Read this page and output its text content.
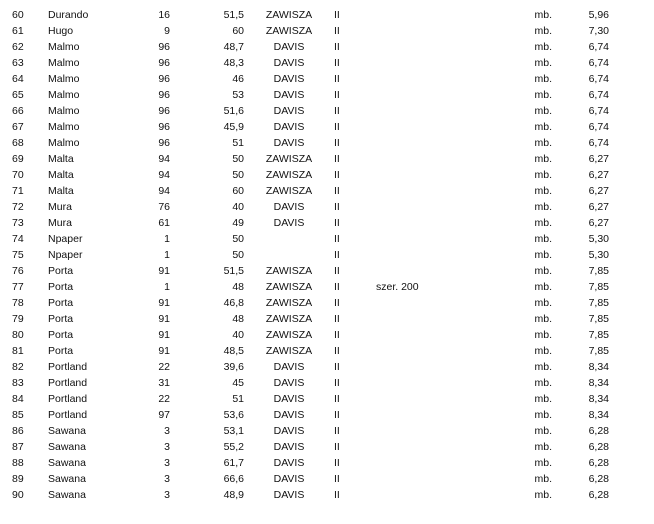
60	Durando	16	51,5	ZAWISZA	II		mb.	5,96
61	Hugo	9	60	ZAWISZA	II		mb.	7,30
62	Malmo	96	48,7	DAVIS	II		mb.	6,74
63	Malmo	96	48,3	DAVIS	II		mb.	6,74
64	Malmo	96	46	DAVIS	II		mb.	6,74
65	Malmo	96	53	DAVIS	II		mb.	6,74
66	Malmo	96	51,6	DAVIS	II		mb.	6,74
67	Malmo	96	45,9	DAVIS	II		mb.	6,74
68	Malmo	96	51	DAVIS	II		mb.	6,74
69	Malta	94	50	ZAWISZA	II		mb.	6,27
70	Malta	94	50	ZAWISZA	II		mb.	6,27
71	Malta	94	60	ZAWISZA	II		mb.	6,27
72	Mura	76	40	DAVIS	II		mb.	6,27
73	Mura	61	49	DAVIS	II		mb.	6,27
74	Npaper	1	50		II		mb.	5,30
75	Npaper	1	50		II		mb.	5,30
76	Porta	91	51,5	ZAWISZA	II		mb.	7,85
77	Porta	1	48	ZAWISZA	II	szer. 200	mb.	7,85
78	Porta	91	46,8	ZAWISZA	II		mb.	7,85
79	Porta	91	48	ZAWISZA	II		mb.	7,85
80	Porta	91	40	ZAWISZA	II		mb.	7,85
81	Porta	91	48,5	ZAWISZA	II		mb.	7,85
82	Portland	22	39,6	DAVIS	II		mb.	8,34
83	Portland	31	45	DAVIS	II		mb.	8,34
84	Portland	22	51	DAVIS	II		mb.	8,34
85	Portland	97	53,6	DAVIS	II		mb.	8,34
86	Sawana	3	53,1	DAVIS	II		mb.	6,28
87	Sawana	3	55,2	DAVIS	II		mb.	6,28
88	Sawana	3	61,7	DAVIS	II		mb.	6,28
89	Sawana	3	66,6	DAVIS	II		mb.	6,28
90	Sawana	3	48,9	DAVIS	II		mb.	6,28
